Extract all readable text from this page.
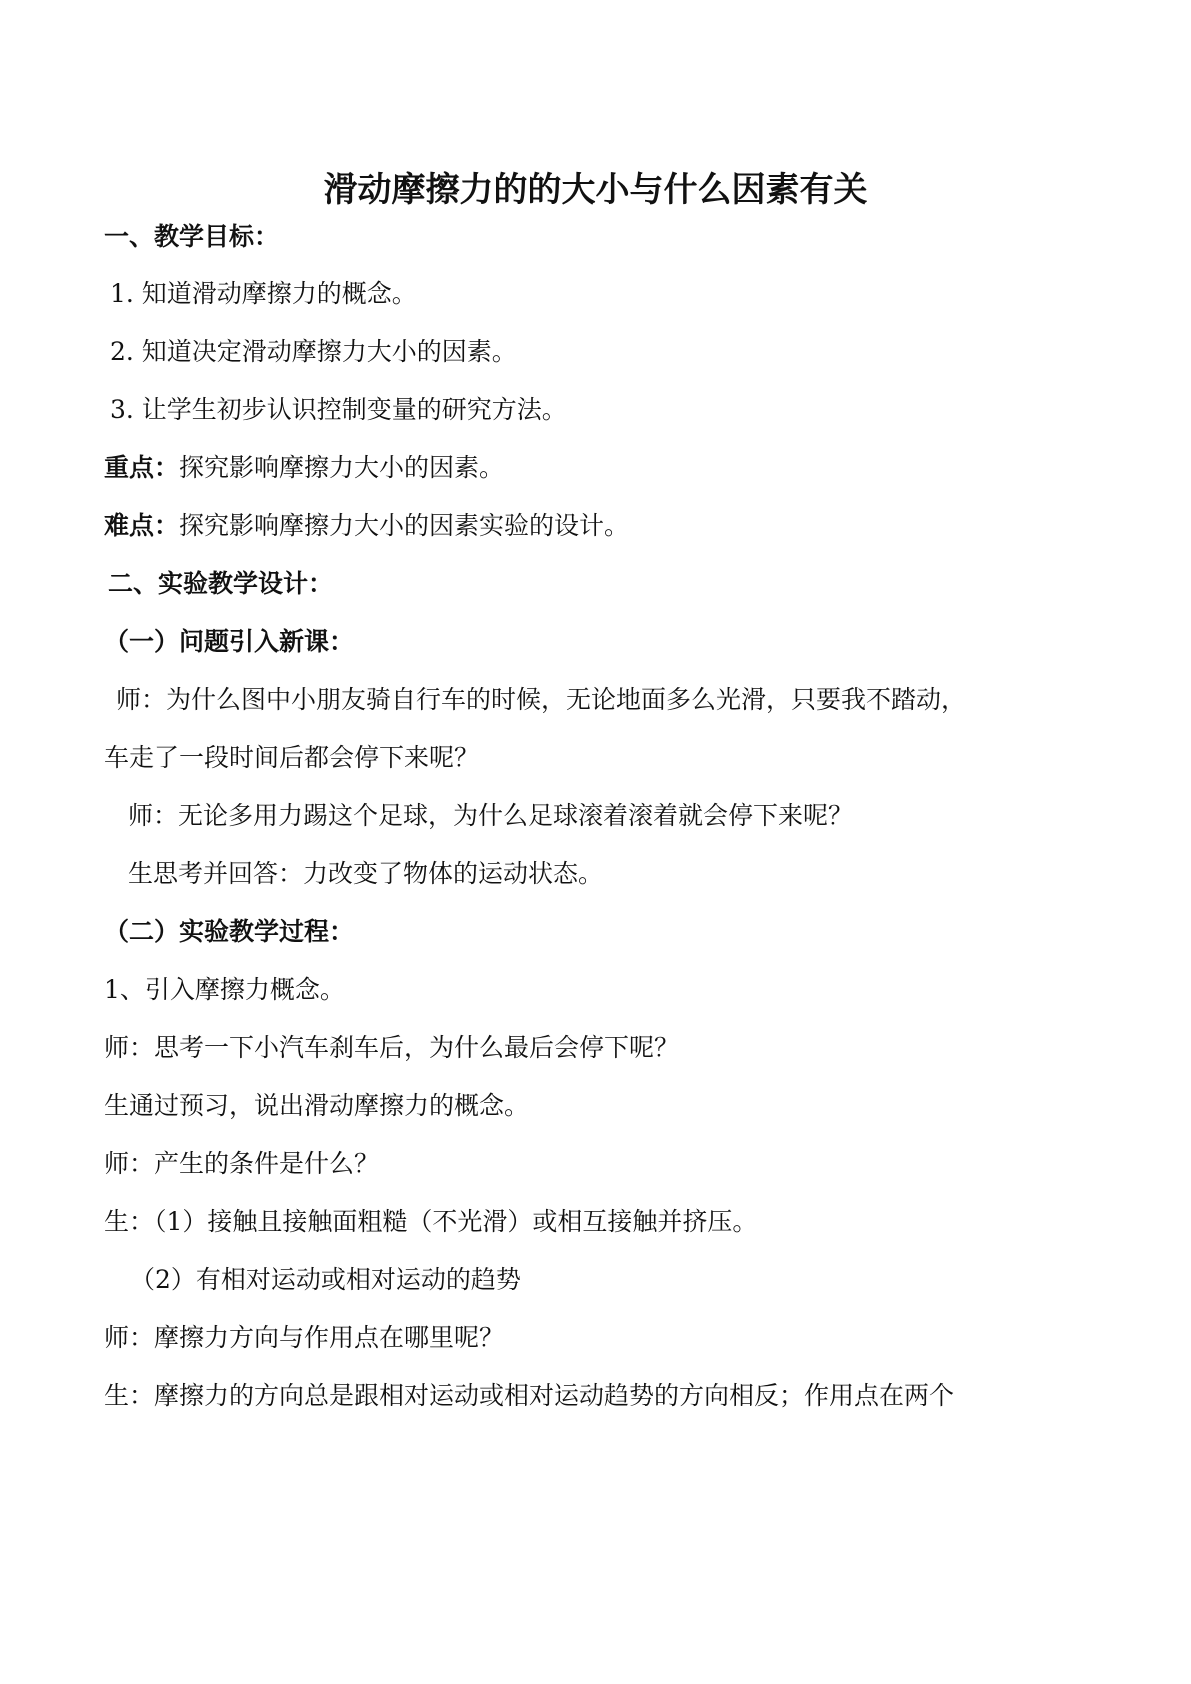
滑动摩擦力的的大小与什么因素有关
一、教学目标：
1. 知道滑动摩擦力的概念。
2. 知道决定滑动摩擦力大小的因素。
3. 让学生初步认识控制变量的研究方法。
重点：探究影响摩擦力大小的因素。
难点：探究影响摩擦力大小的因素实验的设计。
二、实验教学设计：
（一）问题引入新课：
师：为什么图中小朋友骑自行车的时候，无论地面多么光滑，只要我不踏动，
车走了一段时间后都会停下来呢？
师：无论多用力踢这个足球，为什么足球滚着滚着就会停下来呢？
生思考并回答：力改变了物体的运动状态。
（二）实验教学过程：
1、引入摩擦力概念。
师：思考一下小汽车刹车后，为什么最后会停下呢？
生通过预习，说出滑动摩擦力的概念。
师：产生的条件是什么？
生：（1）接触且接触面粗糙（不光滑）或相互接触并挤压。
（2）有相对运动或相对运动的趋势
师：摩擦力方向与作用点在哪里呢？
生：摩擦力的方向总是跟相对运动或相对运动趋势的方向相反；作用点在两个
